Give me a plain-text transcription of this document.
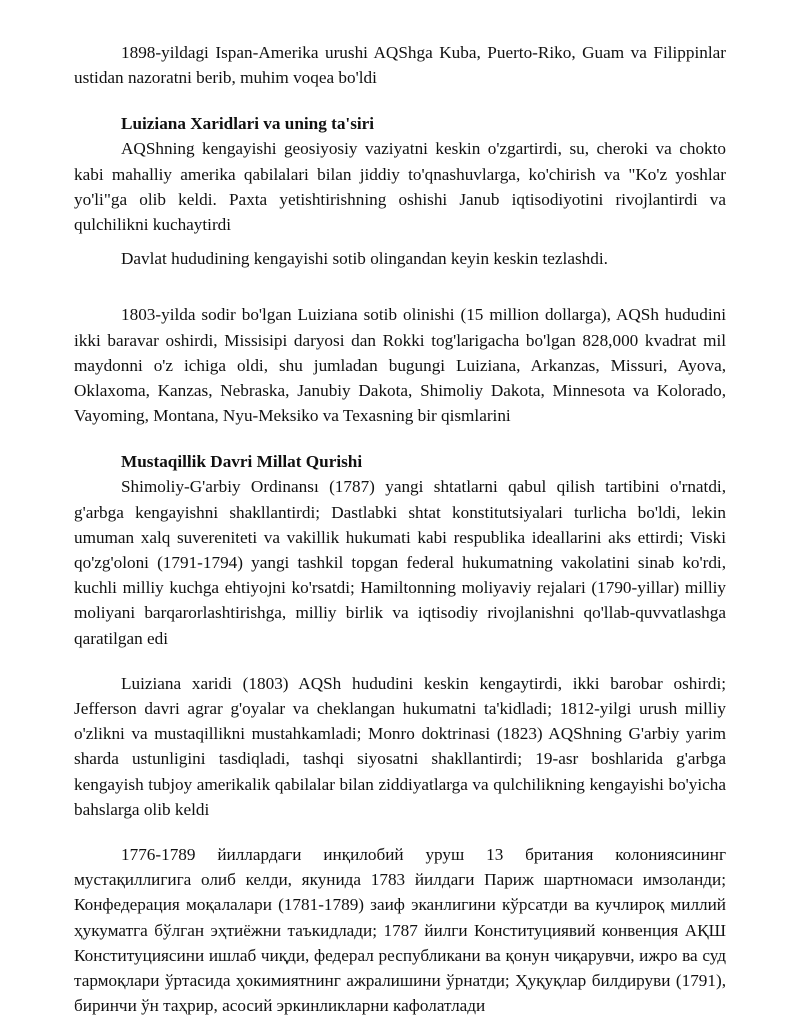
1898-yildagi Ispan-Amerika urushi AQShga Kuba, Puerto-Riko, Guam va Filippinlar ustidan nazoratni berib, muhim voqea bo'ldi

Luiziana Xaridlari va uning ta'siri

AQShning kengayishi geosiyosiy vaziyatni keskin o'zgartirdi, su, cheroki va chokto kabi mahalliy amerika qabilalari bilan jiddiy to'qnashuvlarga, ko'chirish va "Ko'z yoshlar yo'li"ga olib keldi. Paxta yetishtirishning oshishi Janub iqtisodiyotini rivojlantirdi va qulchilikni kuchaytirdi

Davlat hududining kengayishi sotib olingandan keyin keskin tezlashdi.

1803-yilda sodir bo'lgan Luiziana sotib olinishi (15 million dollarga), AQSh hududini ikki baravar oshirdi, Missisipi daryosi dan Rokki tog'larigacha bo'lgan 828,000 kvadrat mil maydonni o'z ichiga oldi, shu jumladan bugungi Luiziana, Arkanzas, Missuri, Ayova, Oklaxoma, Kanzas, Nebraska, Janubiy Dakota, Shimoliy Dakota, Minnesota va Kolorado, Vayoming, Montana, Nyu-Meksiko va Texasning bir qismlarini

Mustaqillik Davri Millat Qurishi

Shimoliy-G'arbiy Ordinansı (1787) yangi shtatlarni qabul qilish tartibini o'rnatdi, g'arbga kengayishni shakllantirdi; Dastlabki shtat konstitutsiyalari turlicha bo'ldi, lekin umuman xalq suvereniteti va vakillik hukumati kabi respublika ideallarini aks ettirdi; Viski qo'zg'oloni (1791-1794) yangi tashkil topgan federal hukumatning vakolatini sinab ko'rdi, kuchli milliy kuchga ehtiyojni ko'rsatdi; Hamiltonning moliyaviy rejalari (1790-yillar) milliy moliyani barqarorlashtirishga, milliy birlik va iqtisodiy rivojlanishni qo'llab-quvvatlashga qaratilgan edi

Luiziana xaridi (1803) AQSh hududini keskin kengaytirdi, ikki barobar oshirdi; Jefferson davri agrar g'oyalar va cheklangan hukumatni ta'kidladi; 1812-yilgi urush milliy o'zlikni va mustaqillikni mustahkamladi; Monro doktrinasi (1823) AQShning G'arbiy yarim sharda ustunligini tasdiqladi, tashqi siyosatni shakllantirdi; 19-asr boshlarida g'arbga kengayish tubjoy amerikalik qabilalar bilan ziddiyatlarga va qulchilikning kengayishi bo'yicha bahslarga olib keldi

1776-1789 йиллардаги инқилобий уруш 13 британия колониясининг мустақиллигига олиб келди, якунида 1783 йилдаги Париж шартномаси имзоланди; Конфедерация моқалалари (1781-1789) заиф эканлигини кўрсатди ва кучлироқ миллий ҳукуматга бўлган эҳтиёжни таъкидлади; 1787 йилги Конституциявий конвенция АҚШ Конституциясини ишлаб чиқди, федерал республикани ва қонун чиқарувчи, ижро ва суд тармоқлари ўртасида ҳокимиятнинг ажралишини ўрнатди; Ҳуқуқлар билдируви (1791), биринчи ўн таҳрир, асосий эркинликларни кафолатлади
